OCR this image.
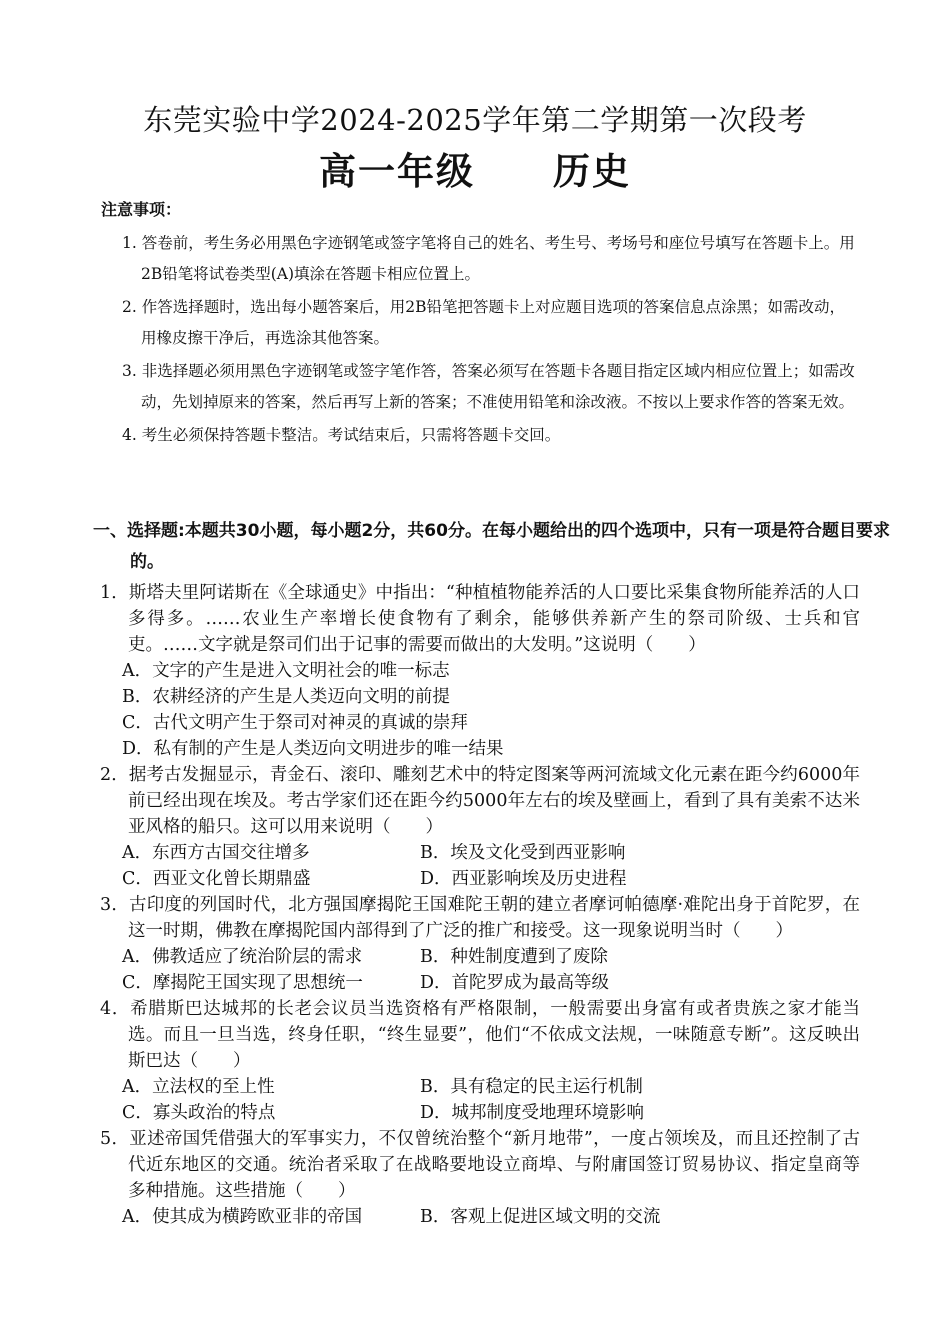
东莞实验中学2024-2025学年第二学期第一次段考
高一年级　　历史
注意事项：
1. 答卷前，考生务必用黑色字迹钢笔或签字笔将自己的姓名、考生号、考场号和座位号填写在答题卡上。用2B铅笔将试卷类型(A)填涂在答题卡相应位置上。
2. 作答选择题时，选出每小题答案后，用2B铅笔把答题卡上对应题目选项的答案信息点涂黑；如需改动，用橡皮擦干净后，再选涂其他答案。
3. 非选择题必须用黑色字迹钢笔或签字笔作答，答案必须写在答题卡各题目指定区域内相应位置上；如需改动，先划掉原来的答案，然后再写上新的答案；不准使用铅笔和涂改液。不按以上要求作答的答案无效。
4. 考生必须保持答题卡整洁。考试结束后，只需将答题卡交回。
一、选择题:本题共30小题，每小题2分，共60分。在每小题给出的四个选项中，只有一项是符合题目要求的。
1．斯塔夫里阿诺斯在《全球通史》中指出：“种植植物能养活的人口要比采集食物所能养活的人口多得多。……农业生产率增长使食物有了剩余，能够供养新产生的祭司阶级、士兵和官吏。……文字就是祭司们出于记事的需要而做出的大发明。”这说明（　　）
A．文字的产生是进入文明社会的唯一标志
B．农耕经济的产生是人类迈向文明的前提
C．古代文明产生于祭司对神灵的真诚的崇拜
D．私有制的产生是人类迈向文明进步的唯一结果
2．据考古发掘显示，青金石、滚印、雕刻艺术中的特定图案等两河流域文化元素在距今约6000年前已经出现在埃及。考古学家们还在距今约5000年左右的埃及壁画上，看到了具有美索不达米亚风格的船只。这可以用来说明（　　）
A．东西方古国交往增多	B．埃及文化受到西亚影响
C．西亚文化曾长期鼎盛	D．西亚影响埃及历史进程
3．古印度的列国时代，北方强国摩揭陀王国难陀王朝的建立者摩诃帕德摩·难陀出身于首陀罗，在这一时期，佛教在摩揭陀国内部得到了广泛的推广和接受。这一现象说明当时（　　）
A．佛教适应了统治阶层的需求	B．种姓制度遭到了废除
C．摩揭陀王国实现了思想统一	D．首陀罗成为最高等级
4．希腊斯巴达城邦的长老会议员当选资格有严格限制，一般需要出身富有或者贵族之家才能当选。而且一旦当选，终身任职，“终生显要”，他们“不依成文法规，一味随意专断”。这反映出斯巴达（　　）
A．立法权的至上性	B．具有稳定的民主运行机制
C．寡头政治的特点	D．城邦制度受地理环境影响
5．亚述帝国凭借强大的军事实力，不仅曾统治整个“新月地带”，一度占领埃及，而且还控制了古代近东地区的交通。统治者采取了在战略要地设立商埠、与附庸国签订贸易协议、指定皇商等多种措施。这些措施（　　）
A．使其成为横跨欧亚非的帝国	B．客观上促进区域文明的交流
